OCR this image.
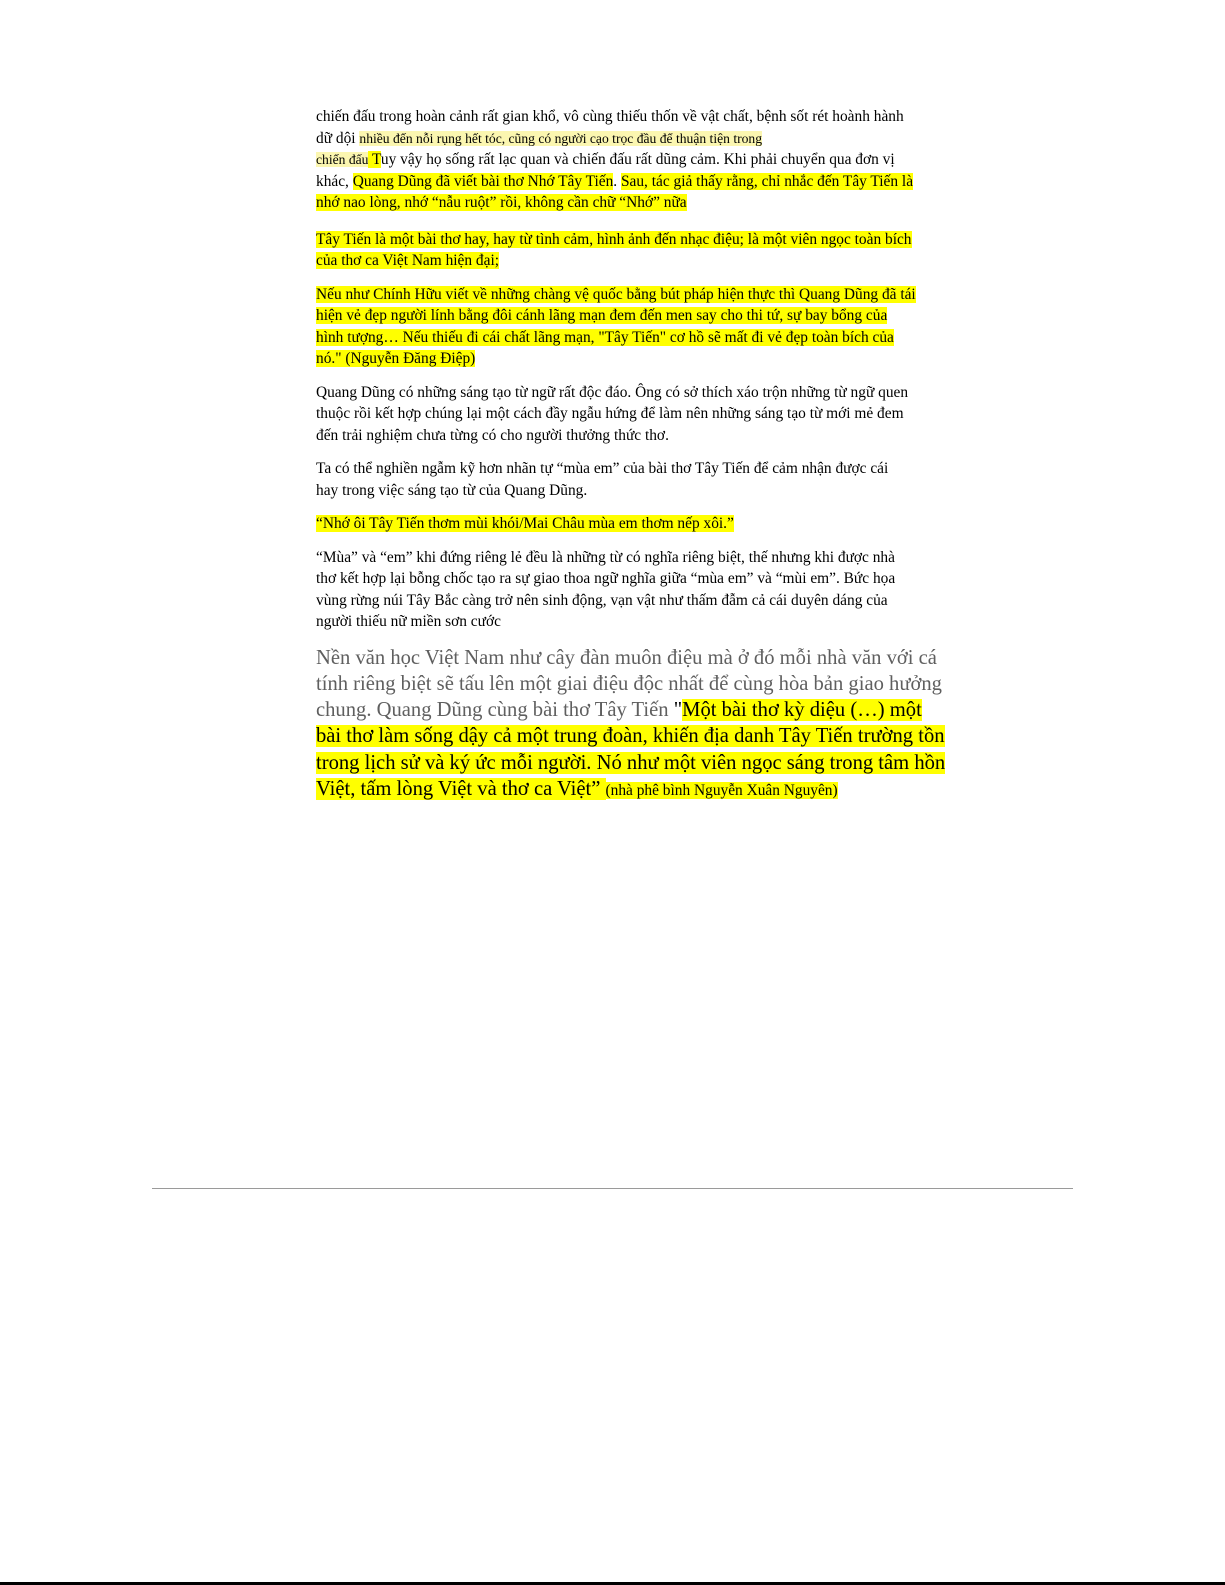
chiến đấu trong hoàn cảnh rất gian khổ, vô cùng thiếu thốn về vật chất, bệnh sốt rét hoành hành
dữ dội nhiều đến nỗi rụng hết tóc, cũng có người cạo trọc đầu để thuận tiện trong
chiến đấu Tuy vậy họ sống rất lạc quan và chiến đấu rất dũng cảm. Khi phải chuyển qua đơn vị
khác, Quang Dũng đã viết bài thơ Nhớ Tây Tiến. Sau, tác giả thấy rằng, chỉ nhắc đến Tây Tiến là
nhớ nao lòng, nhớ “nẫu ruột” rồi, không cần chữ “Nhớ” nữa
Tây Tiến là một bài thơ hay, hay từ tình cảm, hình ảnh đến nhạc điệu; là một viên ngọc toàn bích
của thơ ca Việt Nam hiện đại;
Nếu như Chính Hữu viết về những chàng vệ quốc bằng bút pháp hiện thực thì Quang Dũng đã tái
hiện vẻ đẹp người lính bằng đôi cánh lãng mạn đem đến men say cho thi tứ, sự bay bổng của
hình tượng… Nếu thiếu đi cái chất lãng mạn, "Tây Tiến" cơ hồ sẽ mất đi vẻ đẹp toàn bích của
nó." (Nguyễn Đăng Điệp)
Quang Dũng có những sáng tạo từ ngữ rất độc đáo. Ông có sở thích xáo trộn những từ ngữ quen
thuộc rồi kết hợp chúng lại một cách đầy ngẫu hứng để làm nên những sáng tạo từ mới mẻ đem
đến trải nghiệm chưa từng có cho người thưởng thức thơ.
Ta có thể nghiền ngẫm kỹ hơn nhãn tự “mùa em” của bài thơ Tây Tiến để cảm nhận được cái
hay trong việc sáng tạo từ của Quang Dũng.
“Nhớ ôi Tây Tiến thơm mùi khói/Mai Châu mùa em thơm nếp xôi.”
“Mùa” và “em” khi đứng riêng lẻ đều là những từ có nghĩa riêng biệt, thế nhưng khi được nhà
thơ kết hợp lại bỗng chốc tạo ra sự giao thoa ngữ nghĩa giữa “mùa em” và “mùi em”. Bức họa
vùng rừng núi Tây Bắc càng trở nên sinh động, vạn vật như thấm đẫm cả cái duyên dáng của
người thiếu nữ miền sơn cước
Nền văn học Việt Nam như cây đàn muôn điệu mà ở đó mỗi nhà văn với cá
tính riêng biệt sẽ tấu lên một giai điệu độc nhất để cùng hòa bản giao hưởng
chung. Quang Dũng cùng bài thơ Tây Tiến "Một bài thơ kỳ diệu (…) một
bài thơ làm sống dậy cả một trung đoàn, khiến địa danh Tây Tiến trường tồn
trong lịch sử và ký ức mỗi người. Nó như một viên ngọc sáng trong tâm hồn
Việt, tấm lòng Việt và thơ ca Việt” (nhà phê bình Nguyễn Xuân Nguyên)
